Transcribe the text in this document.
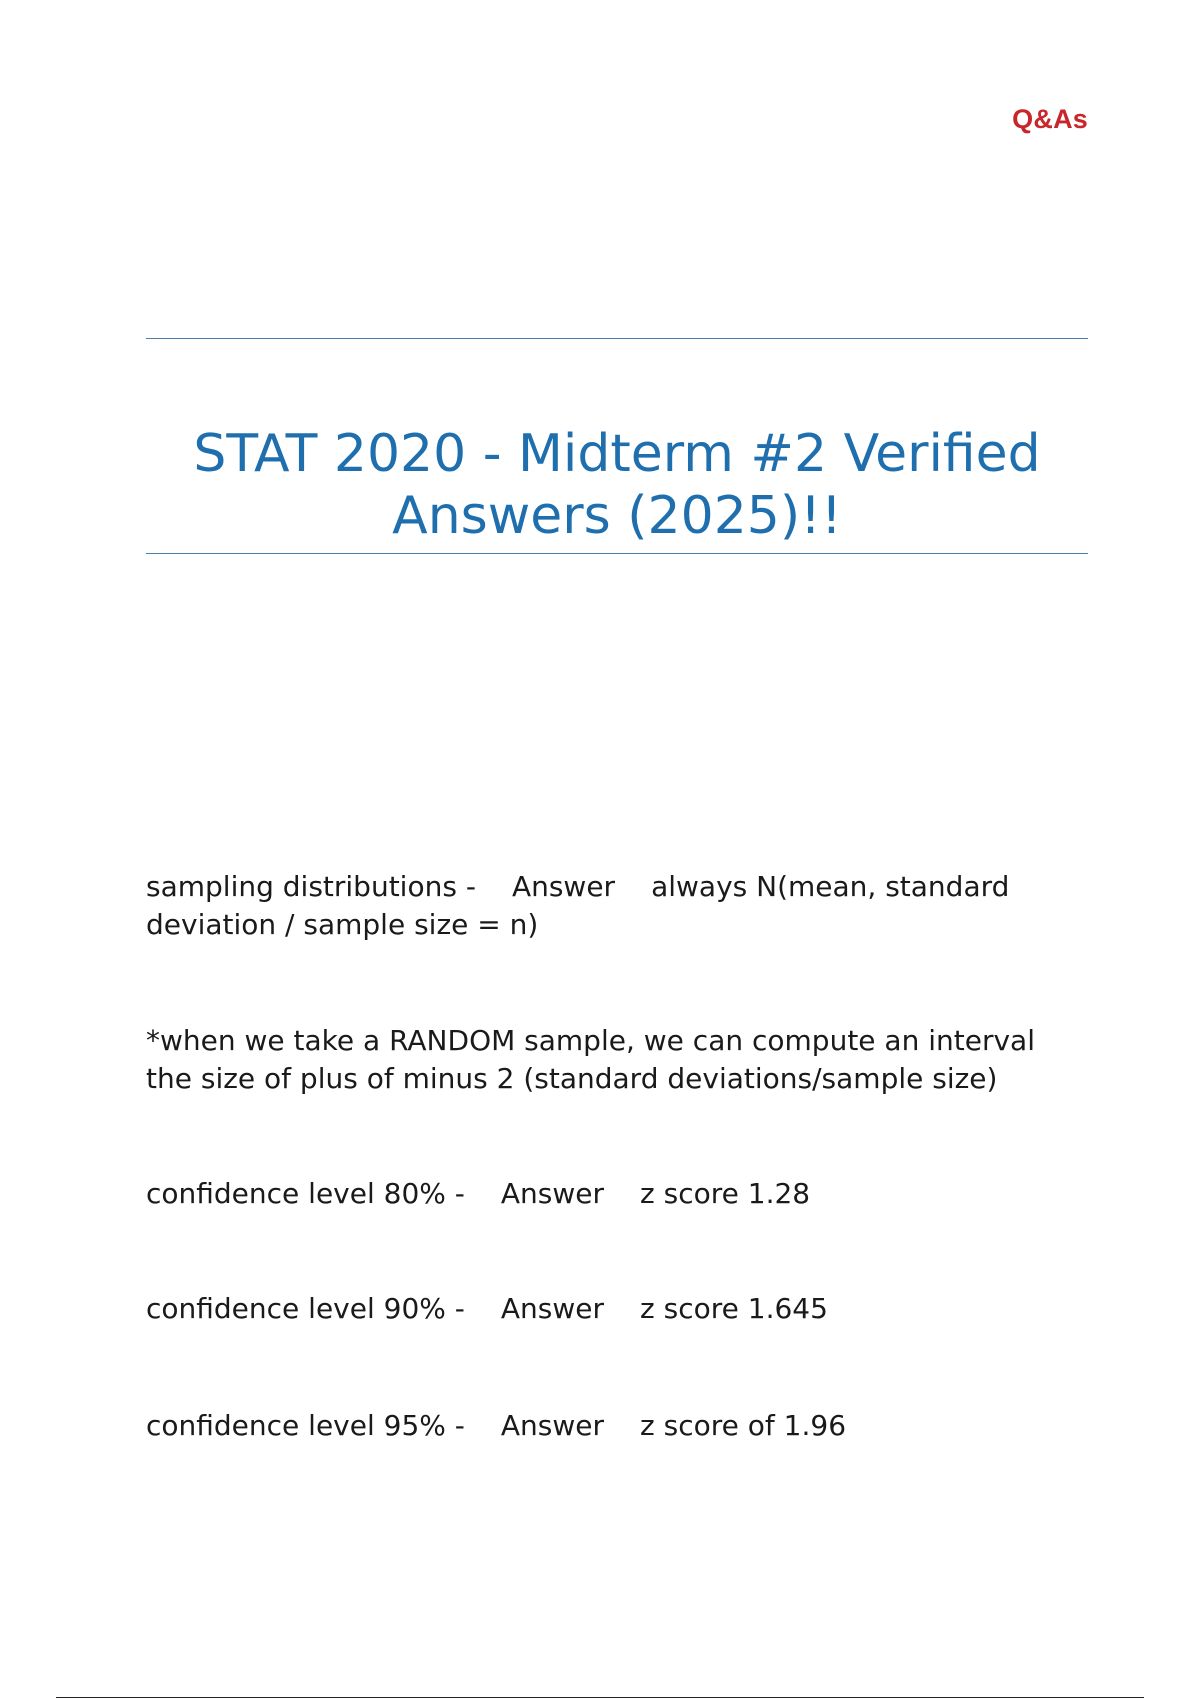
Q&As
STAT 2020 - Midterm #2 Verified Answers (2025)!!
sampling distributions - Answer always N(mean, standard deviation / sample size = n)
*when we take a RANDOM sample, we can compute an interval the size of plus of minus 2 (standard deviations/sample size)
confidence level 80% - Answer z score 1.28
confidence level 90% - Answer z score 1.645
confidence level 95% - Answer z score of 1.96
